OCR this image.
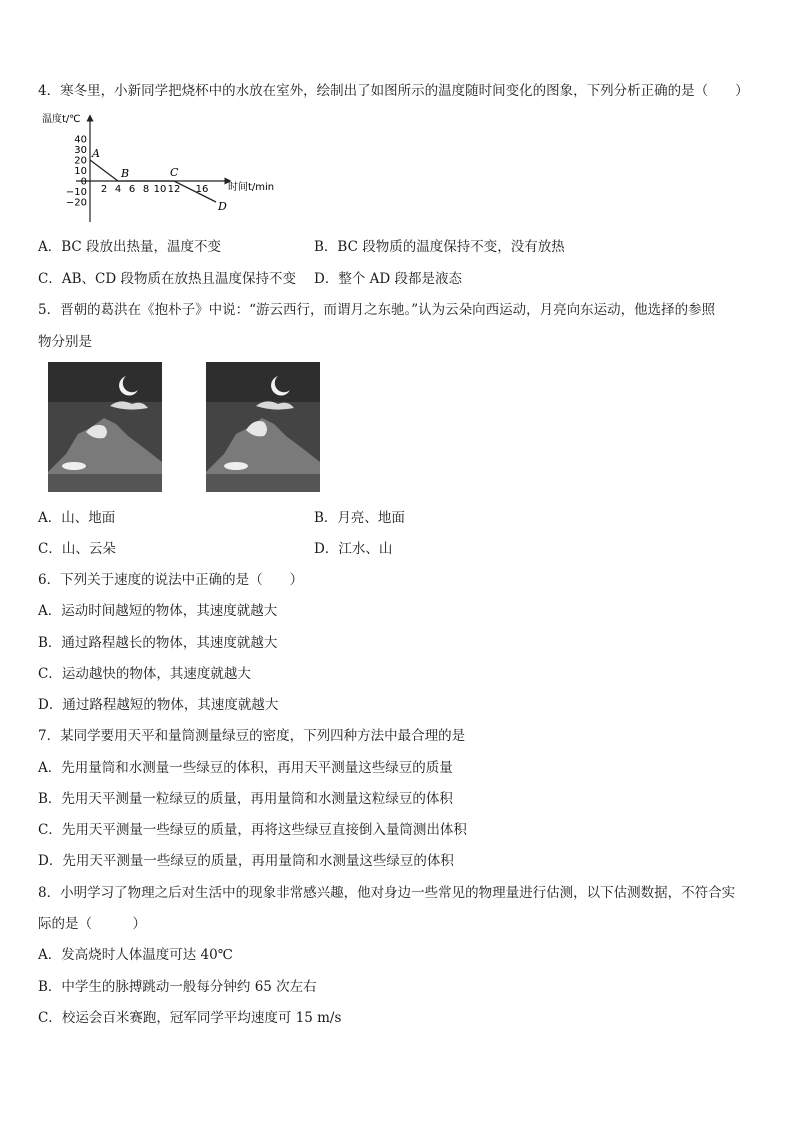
4．寒冬里，小新同学把烧杯中的水放在室外，绘制出了如图所示的温度随时间变化的图象，下列分析正确的是（　　）
温度t/℃
40
30
20
10
0
−10
−20
2 4 6 8 10 12 16 时间t/min
A
B	C
D
A．BC 段放出热量，温度不变	B．BC 段物质的温度保持不变，没有放热
C．AB、CD 段物质在放热且温度保持不变 D．整个 AD 段都是液态
5．晋朝的葛洪在《抱朴子》中说：“游云西行，而谓月之东驰。”认为云朵向西运动，月亮向东运动，他选择的参照
物分别是
A．山、地面	B．月亮、地面
C．山、云朵	D．江水、山
6．下列关于速度的说法中正确的是（　　）
A．运动时间越短的物体，其速度就越大
B．通过路程越长的物体，其速度就越大
C．运动越快的物体，其速度就越大
D．通过路程越短的物体，其速度就越大
7．某同学要用天平和量筒测量绿豆的密度，下列四种方法中最合理的是
A．先用量筒和水测量一些绿豆的体积，再用天平测量这些绿豆的质量
B．先用天平测量一粒绿豆的质量，再用量筒和水测量这粒绿豆的体积
C．先用天平测量一些绿豆的质量，再将这些绿豆直接倒入量筒测出体积
D．先用天平测量一些绿豆的质量，再用量筒和水测量这些绿豆的体积
8．小明学习了物理之后对生活中的现象非常感兴趣，他对身边一些常见的物理量进行估测，以下估测数据，不符合实
际的是（　　　）
A．发高烧时人体温度可达 40℃
B．中学生的脉搏跳动一般每分钟约 65 次左右
C．校运会百米赛跑，冠军同学平均速度可 15 m/s
